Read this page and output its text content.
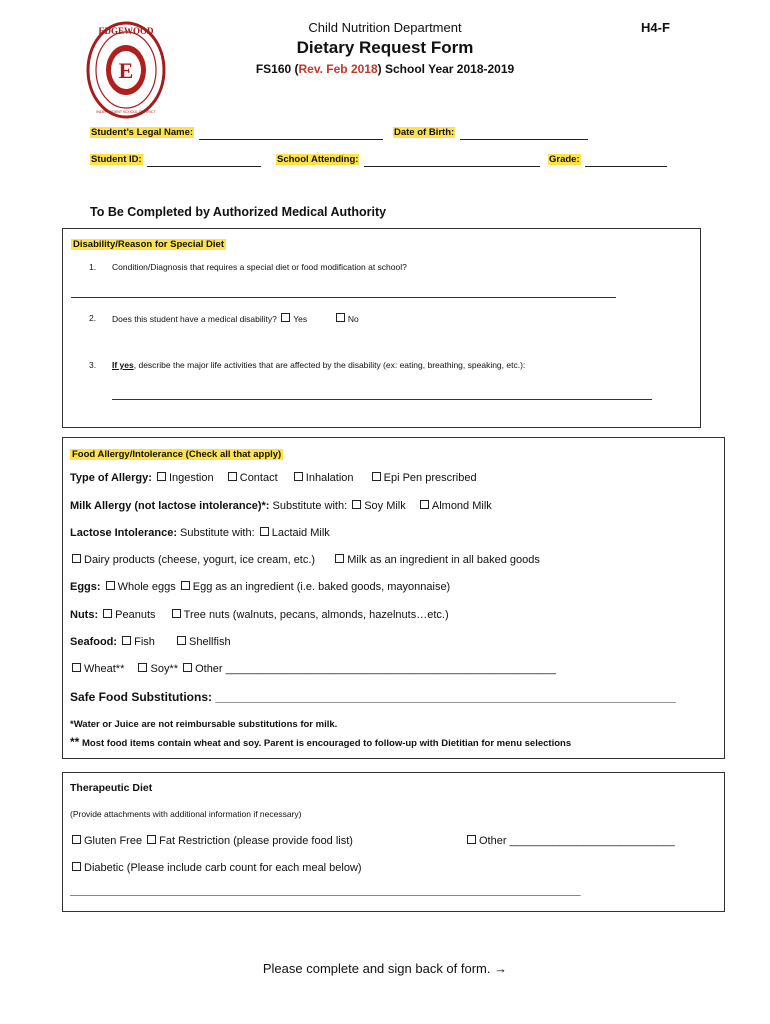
E
EDGEWOOD
INDEPENDENT SCHOOL DISTRICT
Child Nutrition Department	H4-F
Dietary Request Form
FS160 (Rev. Feb 2018) School Year 2018-2019
Student’s Legal Name:	Date of Birth:
Student ID:	School Attending:	Grade:
To Be Completed by Authorized Medical Authority
Disability/Reason for Special Diet
1. Condition/Diagnosis that requires a special diet or food modification at school?
2. Does this student have a medical disability? Yes	No
3. If yes, describe the major life activities that are affected by the disability (ex: eating, breathing, speaking, etc.):
Food Allergy/Intolerance (Check all that apply)
Type of Allergy: Ingestion Contact	Inhalation	Epi Pen prescribed
Milk Allergy (not lactose intolerance)*: Substitute with: Soy Milk Almond Milk
Lactose Intolerance: Substitute with: Lactaid Milk
Dairy products (cheese, yogurt, ice cream, etc.)	Milk as an ingredient in all baked goods
Eggs: Whole eggs Egg as an ingredient (i.e. baked goods, mayonnaise)
Nuts: Peanuts	Tree nuts (walnuts, pecans, almonds, hazelnuts…etc.)
Seafood: Fish	Shellfish
Wheat** Soy** Other ______________________________________________________
Safe Food Substitutions: _____________________________________________________________________
*Water or Juice are not reimbursable substitutions for milk.
** Most food items contain wheat and soy. Parent is encouraged to follow-up with Dietitian for menu selections
Therapeutic Diet
(Provide attachments with additional information if necessary)
Gluten Free Fat Restriction (please provide food list)	Other ___________________________
Diabetic (Please include carb count for each meal below)
______________________________________________________________________________________________________
Please complete and sign back of form. →
